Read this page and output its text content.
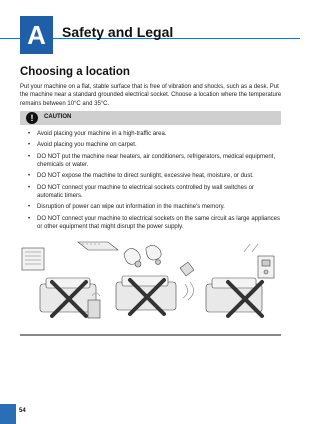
A	Safety and Legal
Choosing a location
Put your machine on a flat, stable surface that is free of vibration and shocks, such as a desk. Put the machine near a standard grounded electrical socket. Choose a location where the temperature remains between 10°C and 35°C.
!	CAUTION
• Avoid placing your machine in a high-traffic area.
• Avoid placing you machine on carpet.
• DO NOT put the machine near heaters, air conditioners, refrigerators, medical equipment, chemicals or water.
• DO NOT expose the machine to direct sunlight, excessive heat, moisture, or dust.
• DO NOT connect your machine to electrical sockets controlled by wall switches or automatic timers.
• Disruption of power can wipe out information in the machine's memory.
• DO NOT connect your machine to electrical sockets on the same circuit as large appliances or other equipment that might disrupt the power supply.
54
